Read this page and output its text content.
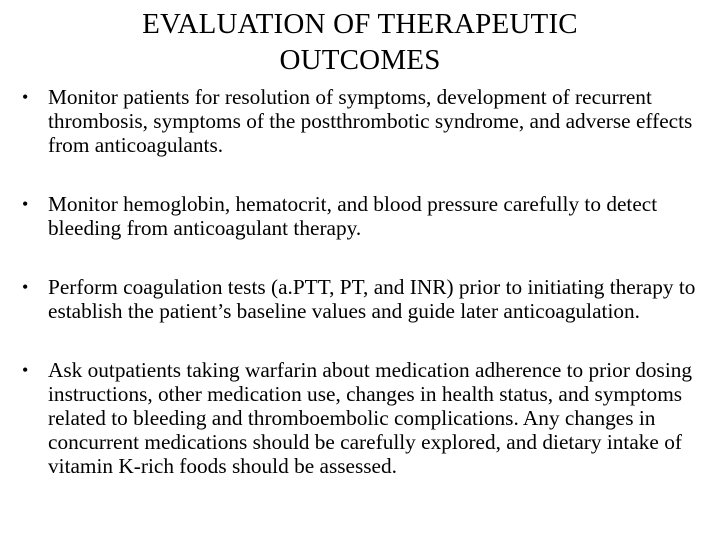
EVALUATION OF THERAPEUTIC
OUTCOMES
• Monitor patients for resolution of symptoms, development of recurrent thrombosis, symptoms of the postthrombotic syndrome, and adverse effects from anticoagulants.
• Monitor hemoglobin, hematocrit, and blood pressure carefully to detect bleeding from anticoagulant therapy.
• Perform coagulation tests (a.PTT, PT, and INR) prior to initiating therapy to establish the patient’s baseline values and guide later anticoagulation.
• Ask outpatients taking warfarin about medication adherence to prior dosing instructions, other medication use, changes in health status, and symptoms related to bleeding and thromboembolic complications. Any changes in concurrent medications should be carefully explored, and dietary intake of vitamin K-rich foods should be assessed.
